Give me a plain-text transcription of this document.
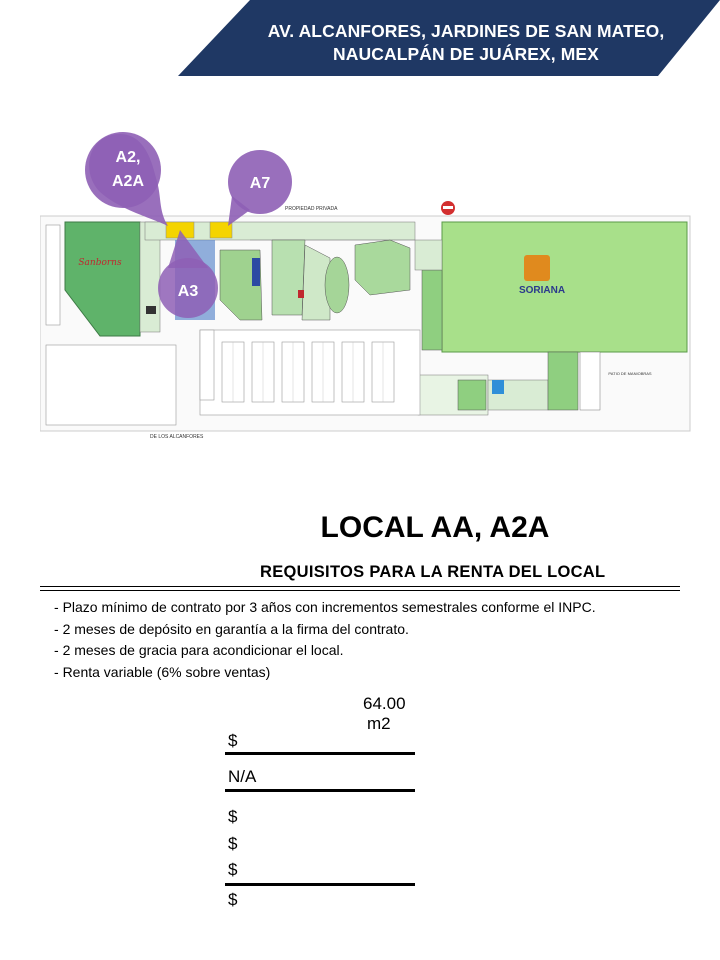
AV. ALCANFORES, JARDINES DE SAN MATEO,
NAUCALPÁN DE JUÁREX, MEX
Sanborns
SORIANA
DE LOS ALCANFORES
PROPIEDAD PRIVADA
PATIO DE MANIOBRAS
A2,
A2A	A7
A3
LOCAL AA, A2A
REQUISITOS PARA LA RENTA DEL LOCAL
- Plazo mínimo de contrato por 3 años con incrementos semestrales conforme el INPC.
- 2 meses de depósito en garantía a la firma del contrato.
- 2 meses de gracia para acondicionar el local.
- Renta variable (6% sobre ventas)
64.00 m2
$
N/A
$
$
$
$
